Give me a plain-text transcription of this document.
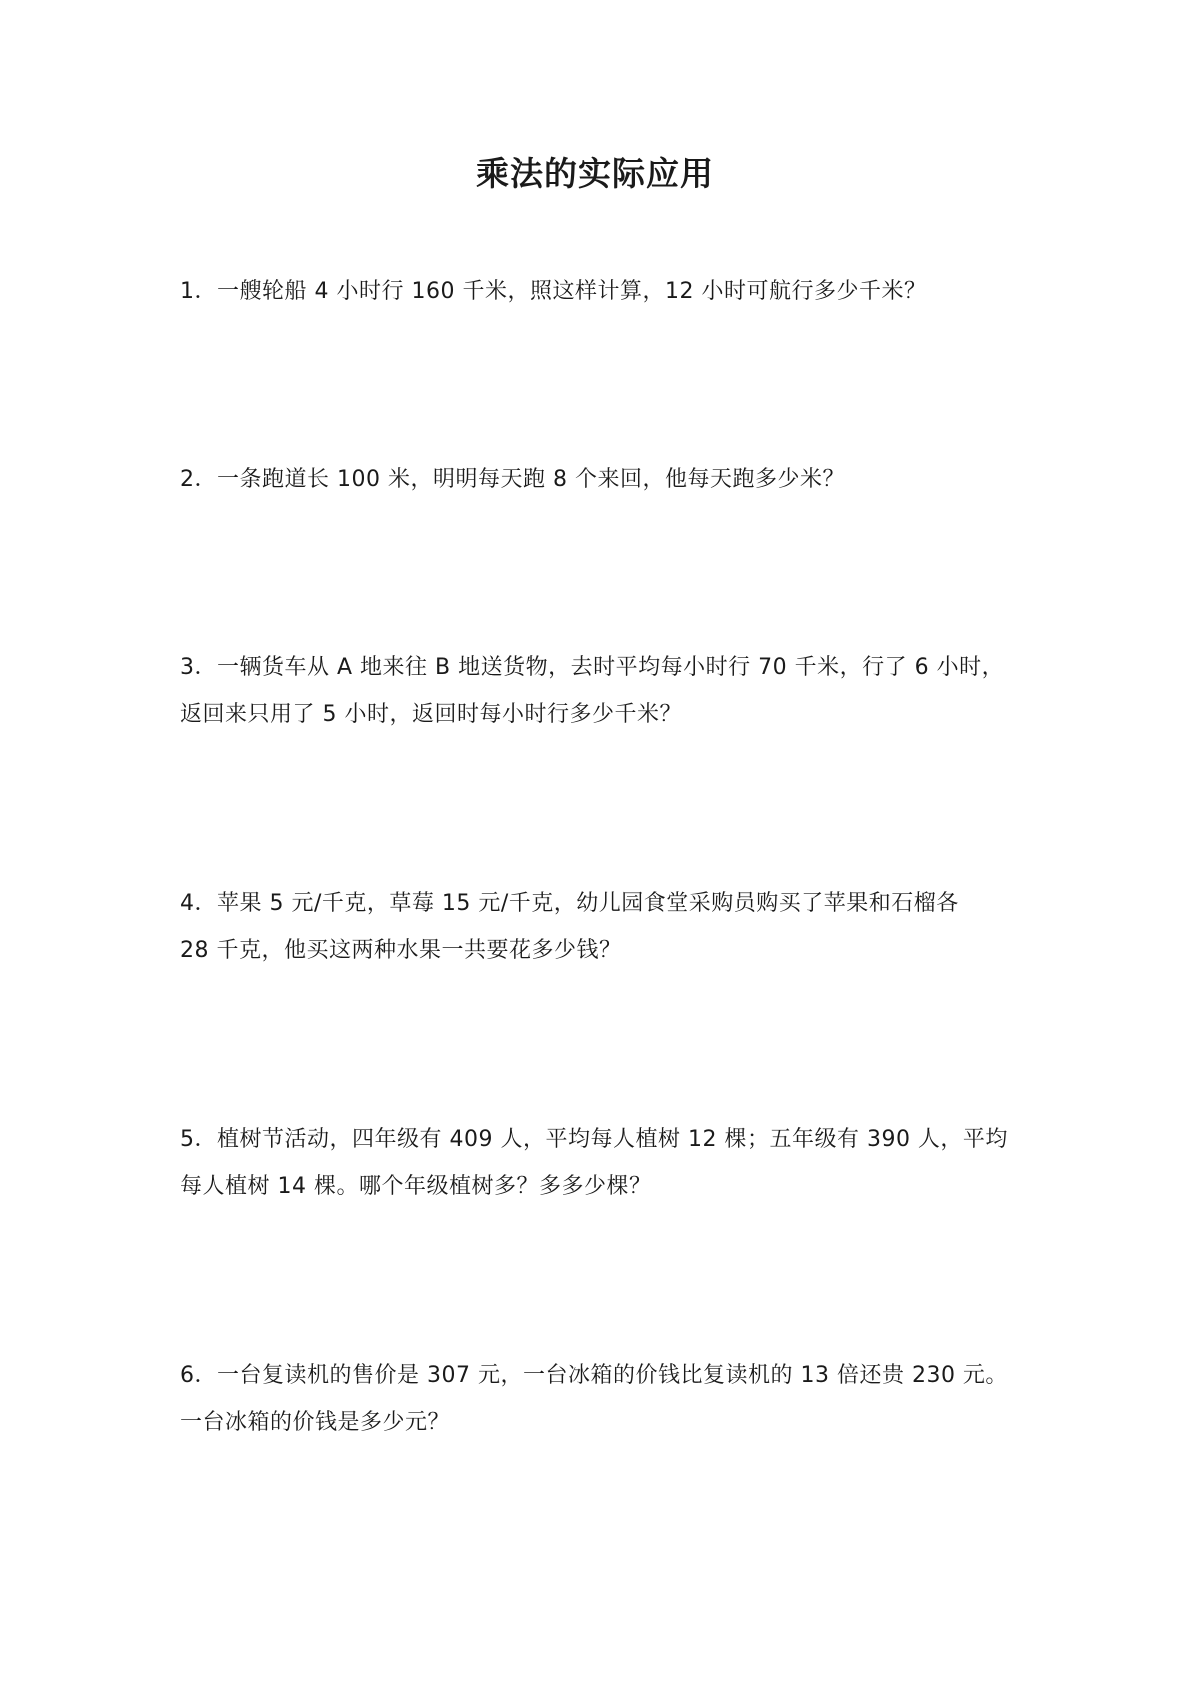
乘法的实际应用

1．一艘轮船 4 小时行 160 千米，照这样计算，12 小时可航行多少千米？

2．一条跑道长 100 米，明明每天跑 8 个来回，他每天跑多少米？

3．一辆货车从 A 地来往 B 地送货物，去时平均每小时行 70 千米，行了 6 小时，
返回来只用了 5 小时，返回时每小时行多少千米？

4．苹果 5 元/千克，草莓 15 元/千克，幼儿园食堂采购员购买了苹果和石榴各
28 千克，他买这两种水果一共要花多少钱？

5．植树节活动，四年级有 409 人，平均每人植树 12 棵；五年级有 390 人，平均
每人植树 14 棵。哪个年级植树多？多多少棵？

6．一台复读机的售价是 307 元，一台冰箱的价钱比复读机的 13 倍还贵 230 元。
一台冰箱的价钱是多少元？
